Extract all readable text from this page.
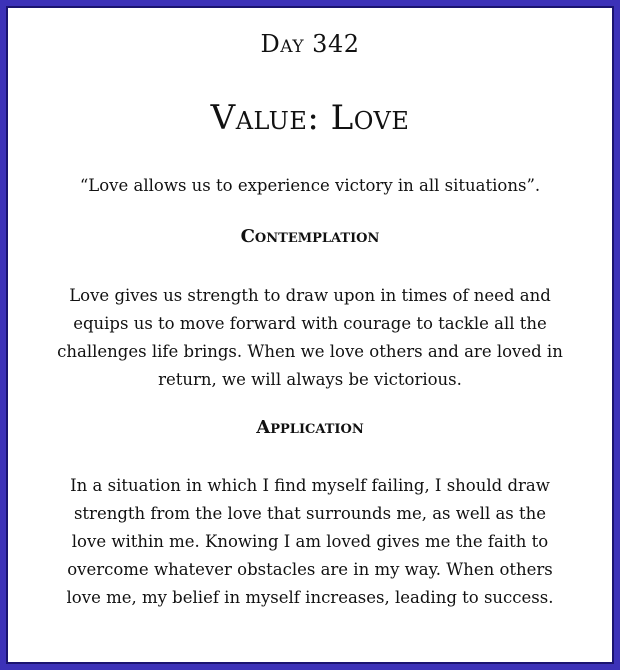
Day 342
Value: Love
“Love allows us to experience victory in all situations”.
Contemplation
Love gives us strength to draw upon in times of need and equips us to move forward with courage to tackle all the challenges life brings. When we love others and are loved in return, we will always be victorious.
Application
In a situation in which I find myself failing, I should draw strength from the love that surrounds me, as well as the love within me. Knowing I am loved gives me the faith to overcome whatever obstacles are in my way. When others love me, my belief in myself increases, leading to success.
